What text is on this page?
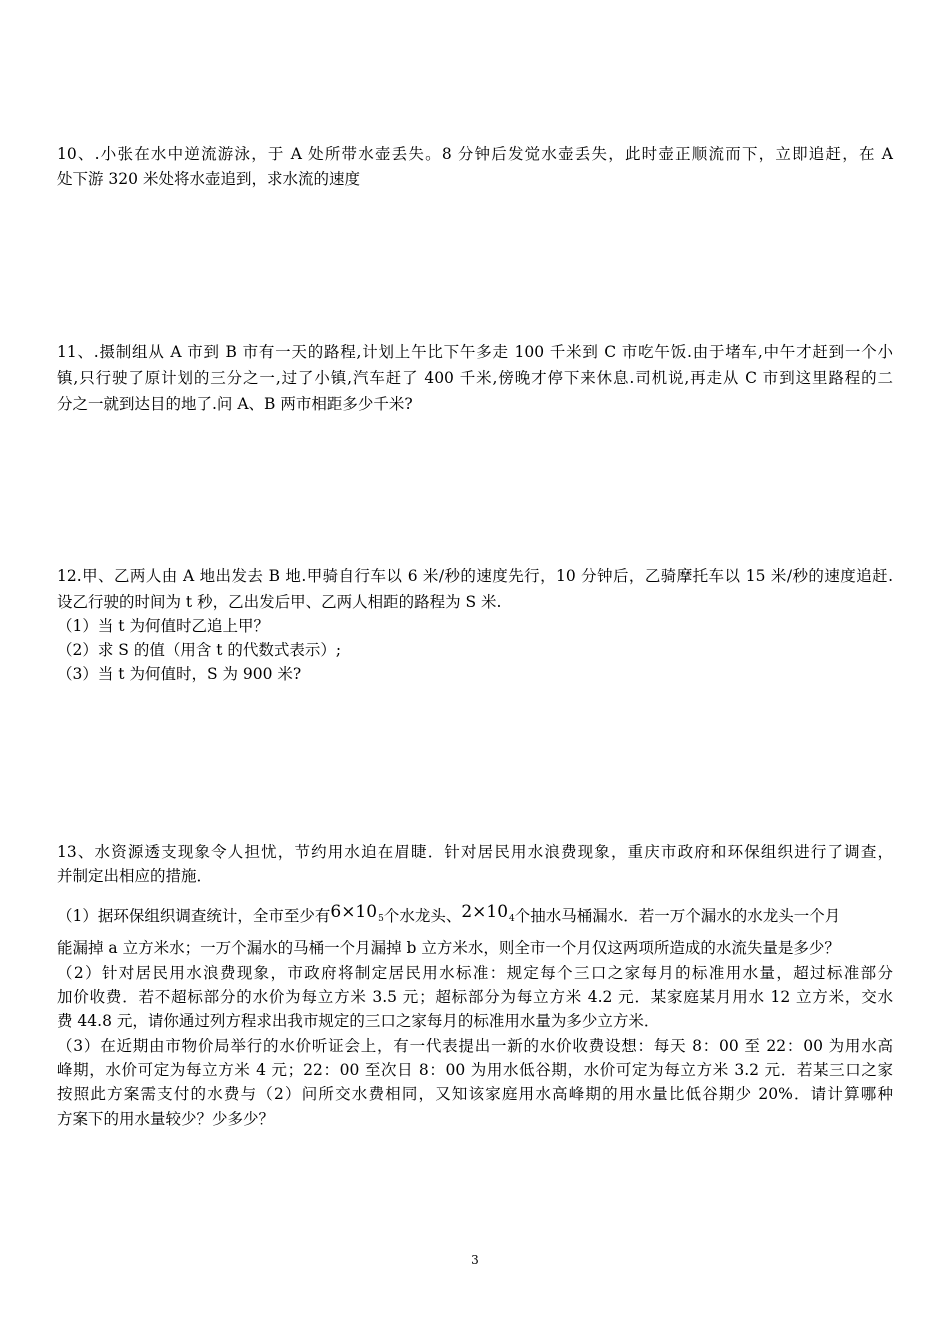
10、.小张在水中逆流游泳，于 A 处所带水壶丢失。8 分钟后发觉水壶丢失，此时壶正顺流而下，立即追赶，在 A
处下游 320 米处将水壶追到，求水流的速度
11、.摄制组从 A 市到 B 市有一天的路程,计划上午比下午多走 100 千米到 C 市吃午饭.由于堵车,中午才赶到一个小
镇,只行驶了原计划的三分之一,过了小镇,汽车赶了 400 千米,傍晚才停下来休息.司机说,再走从 C 市到这里路程的二
分之一就到达目的地了.问 A、B 两市相距多少千米?
12.甲、乙两人由 A 地出发去 B 地.甲骑自行车以 6 米/秒的速度先行，10 分钟后，乙骑摩托车以 15 米/秒的速度追赶.
设乙行驶的时间为 t 秒，乙出发后甲、乙两人相距的路程为 S 米.
（1）当 t 为何值时乙追上甲？
（2）求 S 的值（用含 t 的代数式表示）;
（3）当 t 为何值时，S 为 900 米?
13、水资源透支现象令人担忧，节约用水迫在眉睫．针对居民用水浪费现象，重庆市政府和环保组织进行了调查，
并制定出相应的措施．
（1）据环保组织调查统计，全市至少有$6\times 10^5$个水龙头、$2\times 10^4$个抽水马桶漏水．若一万个漏水的水龙头一个月
能漏掉 a 立方米水；一万个漏水的马桶一个月漏掉 b 立方米水，则全市一个月仅这两项所造成的水流失量是多少？
（2）针对居民用水浪费现象，市政府将制定居民用水标准：规定每个三口之家每月的标准用水量，超过标准部分
加价收费．若不超标部分的水价为每立方米 3.5 元；超标部分为每立方米 4.2 元．某家庭某月用水 12 立方米，交水
费 44.8 元，请你通过列方程求出我市规定的三口之家每月的标准用水量为多少立方米．
（3）在近期由市物价局举行的水价听证会上，有一代表提出一新的水价收费设想：每天 8：00 至 22：00 为用水高
峰期，水价可定为每立方米 4 元；22：00 至次日 8：00 为用水低谷期，水价可定为每立方米 3.2 元．若某三口之家
按照此方案需支付的水费与（2）问所交水费相同，又知该家庭用水高峰期的用水量比低谷期少 20%．请计算哪种
方案下的用水量较少？少多少？
3
